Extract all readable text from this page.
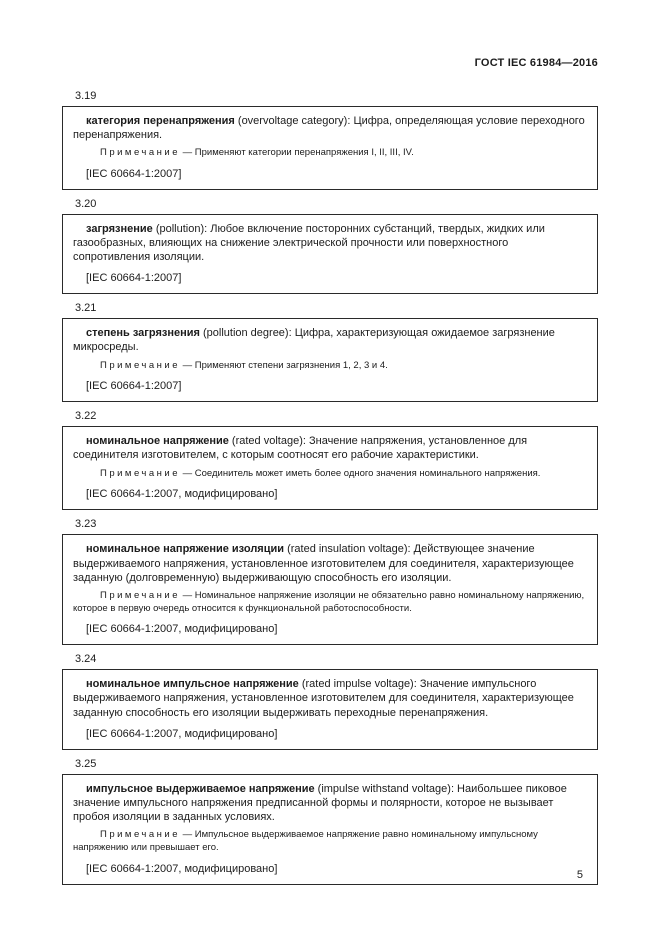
ГОСТ IEC 61984—2016

3.19

категория перенапряжения (overvoltage category): Цифра, определяющая условие переходного перенапряжения.

Примечание — Применяют категории перенапряжения I, II, III, IV.

[IEC 60664-1:2007]

3.20

загрязнение (pollution): Любое включение посторонних субстанций, твердых, жидких или газообразных, влияющих на снижение электрической прочности или поверхностного сопротивления изоляции.

[IEC 60664-1:2007]

3.21

степень загрязнения (pollution degree): Цифра, характеризующая ожидаемое загрязнение микросреды.

Примечание — Применяют степени загрязнения 1, 2, 3 и 4.

[IEC 60664-1:2007]

3.22

номинальное напряжение (rated voltage): Значение напряжения, установленное для соединителя изготовителем, с которым соотносят его рабочие характеристики.

Примечание — Соединитель может иметь более одного значения номинального напряжения.

[IEC 60664-1:2007, модифицировано]

3.23

номинальное напряжение изоляции (rated insulation voltage): Действующее значение выдерживаемого напряжения, установленное изготовителем для соединителя, характеризующее заданную (долговременную) выдерживающую способность его изоляции.

Примечание — Номинальное напряжение изоляции не обязательно равно номинальному напряжению, которое в первую очередь относится к функциональной работоспособности.

[IEC 60664-1:2007, модифицировано]

3.24

номинальное импульсное напряжение (rated impulse voltage): Значение импульсного выдерживаемого напряжения, установленное изготовителем для соединителя, характеризующее заданную способность его изоляции выдерживать переходные перенапряжения.

[IEC 60664-1:2007, модифицировано]

3.25

импульсное выдерживаемое напряжение (impulse withstand voltage): Наибольшее пиковое значение импульсного напряжения предписанной формы и полярности, которое не вызывает пробоя изоляции в заданных условиях.

Примечание — Импульсное выдерживаемое напряжение равно номинальному импульсному напряжению или превышает его.

[IEC 60664-1:2007, модифицировано]

5
